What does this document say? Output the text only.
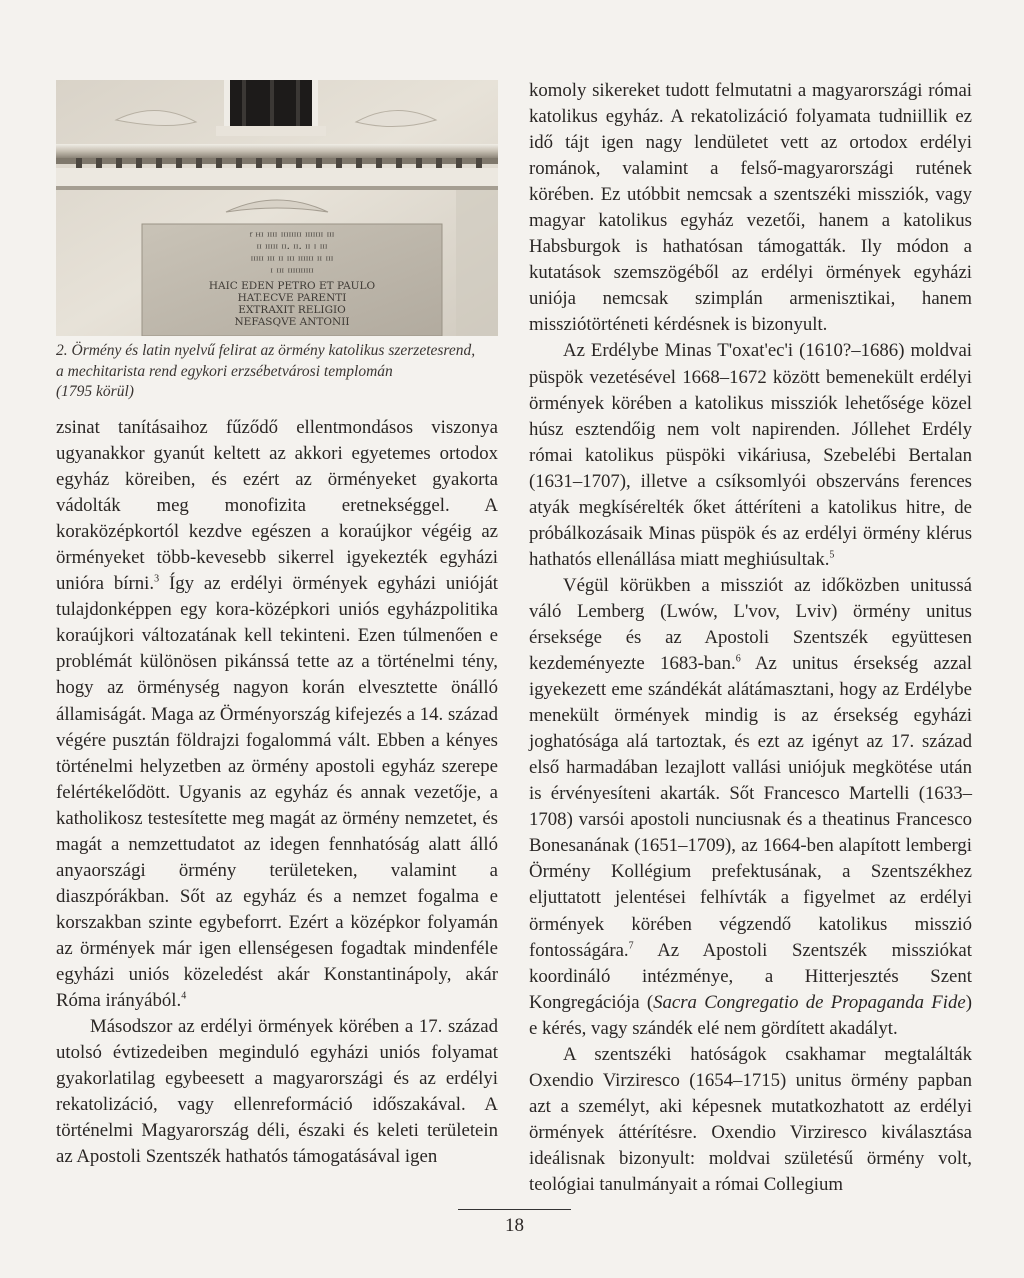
ᶠ ᴴᴵ ᴵᴵᴵᴵ ᴵᴵᴵᴵᴵᴵᴵᴵ ᴵᴵᴵᴵᴵᴵᴵ ᴵᴵᴵ
ᴵᴵ ᴵᴵᴵᴵᴵ ᴵᴵ· ᴵᴵ· ᴵᴵ ᴵ ᴵᴵᴵ
ᴵᴵᴵᴵᴵ ᴵᴵᴵ ᴵᴵ ᴵᴵᴵ ᴵᴵᴵᴵᴵᴵ ᴵᴵ ᴵᴵᴵ
ᴵ ᴵᴵᴵ ᴵᴵᴵᴵᴵᴵᴵᴵᴵᴵ
HAIC EDEN PETRO ET PAULO
HAT.ECVE PARENTI
EXTRAXIT RELIGIO
NEFASQVE ANTONII
2. Örmény és latin nyelvű felirat az örmény katolikus szerzetesrend,
a mechitarista rend egykori erzsébetvárosi templomán
(1795 körül)

zsinat tanításaihoz fűződő ellentmondásos viszonya ugyanakkor gyanút keltett az akkori egyetemes ortodox egyház köreiben, és ezért az örményeket gyakorta vádolták meg monofizita eretnekséggel. A koraközépkortól kezdve egészen a koraújkor végéig az örményeket több-kevesebb sikerrel igyekezték egyházi unióra bírni.$^3$ Így az erdélyi örmények egyházi unióját tulajdonképpen egy kora-középkori uniós egyházpolitika koraújkori változatának kell tekinteni. Ezen túlmenően e problémát különösen pikánssá tette az a történelmi tény, hogy az örménység nagyon korán elvesztette önálló államiságát. Maga az Örményország kifejezés a 14. század végére pusztán földrajzi fogalommá vált. Ebben a kényes történelmi helyzetben az örmény apostoli egyház szerepe felértékelődött. Ugyanis az egyház és annak vezetője, a katholikosz testesítette meg magát az örmény nemzetet, és magát a nemzettudatot az idegen fennhatóság alatt álló anyaországi örmény területeken, valamint a diaszpórákban. Sőt az egyház és a nemzet fogalma e korszakban szinte egybeforrt. Ezért a középkor folyamán az örmények már igen ellenségesen fogadtak mindenféle egyházi uniós közeledést akár Konstantinápoly, akár Róma irányából.$^4$

Másodszor az erdélyi örmények körében a 17. század utolsó évtizedeiben meginduló egyházi uniós folyamat gyakorlatilag egybeesett a magyarországi és az erdélyi rekatolizáció, vagy ellenreformáció időszakával. A történelmi Magyarország déli, északi és keleti területein az Apostoli Szentszék hathatós támogatásával igen

komoly sikereket tudott felmutatni a magyarországi római katolikus egyház. A rekatolizáció folyamata tudniillik ez idő tájt igen nagy lendületet vett az ortodox erdélyi románok, valamint a felső-magyarországi rutének körében. Ez utóbbit nemcsak a szentszéki missziók, vagy magyar katolikus egyház vezetői, hanem a katolikus Habsburgok is hathatósan támogatták. Ily módon a kutatások szemszögéből az erdélyi örmények egyházi uniója nemcsak szimplán armenisztikai, hanem missziótörténeti kérdésnek is bizonyult.

Az Erdélybe Minas T'oxat'ec'i (1610?–1686) moldvai püspök vezetésével 1668–1672 között bemenekült erdélyi örmények körében a katolikus missziók lehetősége közel húsz esztendőig nem volt napirenden. Jóllehet Erdély római katolikus püspöki vikáriusa, Szebelébi Bertalan (1631–1707), illetve a csíksomlyói obszerváns ferences atyák megkísérelték őket áttéríteni a katolikus hitre, de próbálkozásaik Minas püspök és az erdélyi örmény klérus hathatós ellenállása miatt meghiúsultak.$^5$

Végül körükben a missziót az időközben unitussá váló Lemberg (Lwów, L'vov, Lviv) örmény unitus érseksége és az Apostoli Szentszék együttesen kezdeményezte 1683-ban.$^6$ Az unitus érsekség azzal igyekezett eme szándékát alátámasztani, hogy az Erdélybe menekült örmények mindig is az érsekség egyházi joghatósága alá tartoztak, és ezt az igényt az 17. század első harmadában lezajlott vallási uniójuk megkötése után is érvényesíteni akarták. Sőt Francesco Martelli (1633–1708) varsói apostoli nunciusnak és a theatinus Francesco Bonesanának (1651–1709), az 1664-ben alapított lembergi Örmény Kollégium prefektusának, a Szentszékhez eljuttatott jelentései felhívták a figyelmet az erdélyi örmények körében végzendő katolikus misszió fontosságára.$^7$ Az Apostoli Szentszék missziókat koordináló intézménye, a Hitterjesztés Szent Kongregációja (Sacra Congregatio de Propaganda Fide) e kérés, vagy szándék elé nem gördített akadályt.

A szentszéki hatóságok csakhamar megtalálták Oxendio Virziresco (1654–1715) unitus örmény papban azt a személyt, aki képesnek mutatkozhatott az erdélyi örmények áttérítésre. Oxendio Virziresco kiválasztása ideálisnak bizonyult: moldvai születésű örmény volt, teológiai tanulmányait a római Collegium

18
